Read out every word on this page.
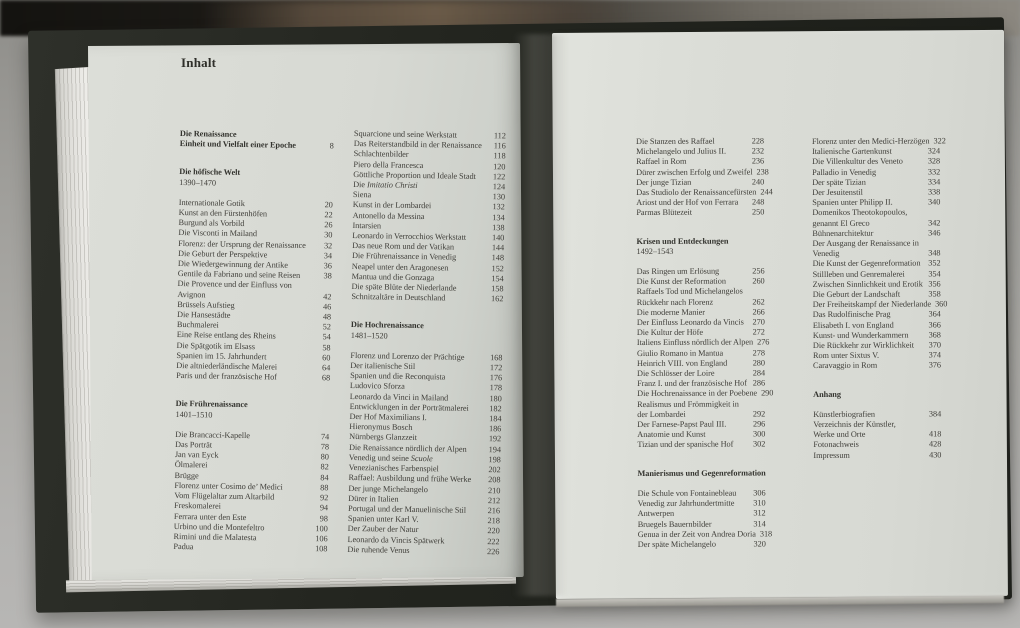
Inhalt
Die Renaissance
Einheit und Vielfalt einer Epoche	8
Die höfische Welt
1390–1470
Internationale Gotik	20
Kunst an den Fürstenhöfen	22
Burgund als Vorbild	26
Die Visconti in Mailand	30
Florenz: der Ursprung der Renaissance 32
Die Geburt der Perspektive	34
Die Wiedergewinnung der Antike	36
Gentile da Fabriano und seine Reisen	38
Die Provence und der Einfluss von
Avignon	42
Brüssels Aufstieg	46
Die Hansestädte	48
Buchmalerei	52
Eine Reise entlang des Rheins	54
Die Spätgotik im Elsass	58
Spanien im 15. Jahrhundert	60
Die altniederländische Malerei	64
Paris und der französische Hof	68
Die Frührenaissance
1401–1510
Die Brancacci-Kapelle	74
Das Porträt	78
Jan van Eyck	80
Ölmalerei	82
Brügge	84
Florenz unter Cosimo de’ Medici	88
Vom Flügelaltar zum Altarbild	92
Freskomalerei	94
Ferrara unter den Este	98
Urbino und die Montefeltro	100
Rimini und die Malatesta	106
Padua	108
Squarcione und seine Werkstatt	112
Das Reiterstandbild in der Renaissance 116
Schlachtenbilder	118
Piero della Francesca	120
Göttliche Proportion und Ideale Stadt 122
Die Imitatio Christi	124
Siena	130
Kunst in der Lombardei	132
Antonello da Messina	134
Intarsien	138
Leonardo in Verrocchios Werkstatt	140
Das neue Rom und der Vatikan	144
Die Frührenaissance in Venedig	148
Neapel unter den Aragonesen	152
Mantua und die Gonzaga	154
Die späte Blüte der Niederlande	158
Schnitzaltäre in Deutschland	162
Die Hochrenaissance
1481–1520
Florenz und Lorenzo der Prächtige	168
Der italienische Stil	172
Spanien und die Reconquista	176
Ludovico Sforza	178
Leonardo da Vinci in Mailand	180
Entwicklungen in der Porträtmalerei 182
Der Hof Maximilians I.	184
Hieronymus Bosch	186
Nürnbergs Glanzzeit	192
Die Renaissance nördlich der Alpen	194
Venedig und seine Scuole	198
Venezianisches Farbenspiel	202
Raffael: Ausbildung und frühe Werke 208
Der junge Michelangelo	210
Dürer in Italien	212
Portugal und der Manuelinische Stil	216
Spanien unter Karl V.	218
Der Zauber der Natur	220
Leonardo da Vincis Spätwerk	222
Die ruhende Venus	226
Die Stanzen des Raffael	228
Michelangelo und Julius II.	232
Raffael in Rom	236
Dürer zwischen Erfolg und Zweifel 238
Der junge Tizian	240
Das Studiolo der Renaissancefürsten 244
Ariost und der Hof von Ferrara 248
Parmas Blütezeit	250
Krisen und Entdeckungen
1492–1543
Das Ringen um Erlösung	256
Die Kunst der Reformation	260
Raffaels Tod und Michelangelos
Rückkehr nach Florenz	262
Die moderne Manier	266
Der Einfluss Leonardo da Vincis 270
Die Kultur der Höfe	272
Italiens Einfluss nördlich der Alpen 276
Giulio Romano in Mantua	278
Heinrich VIII. von England	280
Die Schlösser der Loire	284
Franz I. und der französische Hof 286
Die Hochrenaissance in der Poebene 290
Realismus und Frömmigkeit in
der Lombardei	292
Der Farnese-Papst Paul III.	296
Anatomie und Kunst	300
Tizian und der spanische Hof 302
Manierismus und Gegenreformation
Die Schule von Fontainebleau 306
Venedig zur Jahrhundertmitte 310
Antwerpen	312
Bruegels Bauernbilder	314
Genua in der Zeit von Andrea Doria 318
Der späte Michelangelo	320
Florenz unter den Medici-Herzögen 322
Italienische Gartenkunst	324
Die Villenkultur des Veneto	328
Palladio in Venedig	332
Der späte Tizian	334
Der Jesuitenstil	338
Spanien unter Philipp II.	340
Domenikos Theotokopoulos,
genannt El Greco	342
Bühnenarchitektur	346
Der Ausgang der Renaissance in
Venedig	348
Die Kunst der Gegenreformation 352
Stillleben und Genremalerei	354
Zwischen Sinnlichkeit und Erotik 356
Die Geburt der Landschaft	358
Der Freiheitskampf der Niederlande 360
Das Rudolfinische Prag	364
Elisabeth I. von England	366
Kunst- und Wunderkammern 368
Die Rückkehr zur Wirklichkeit 370
Rom unter Sixtus V.	374
Caravaggio in Rom	376
Anhang
Künstlerbiografien	384
Verzeichnis der Künstler,
Werke und Orte	418
Fotonachweis	428
Impressum	430
